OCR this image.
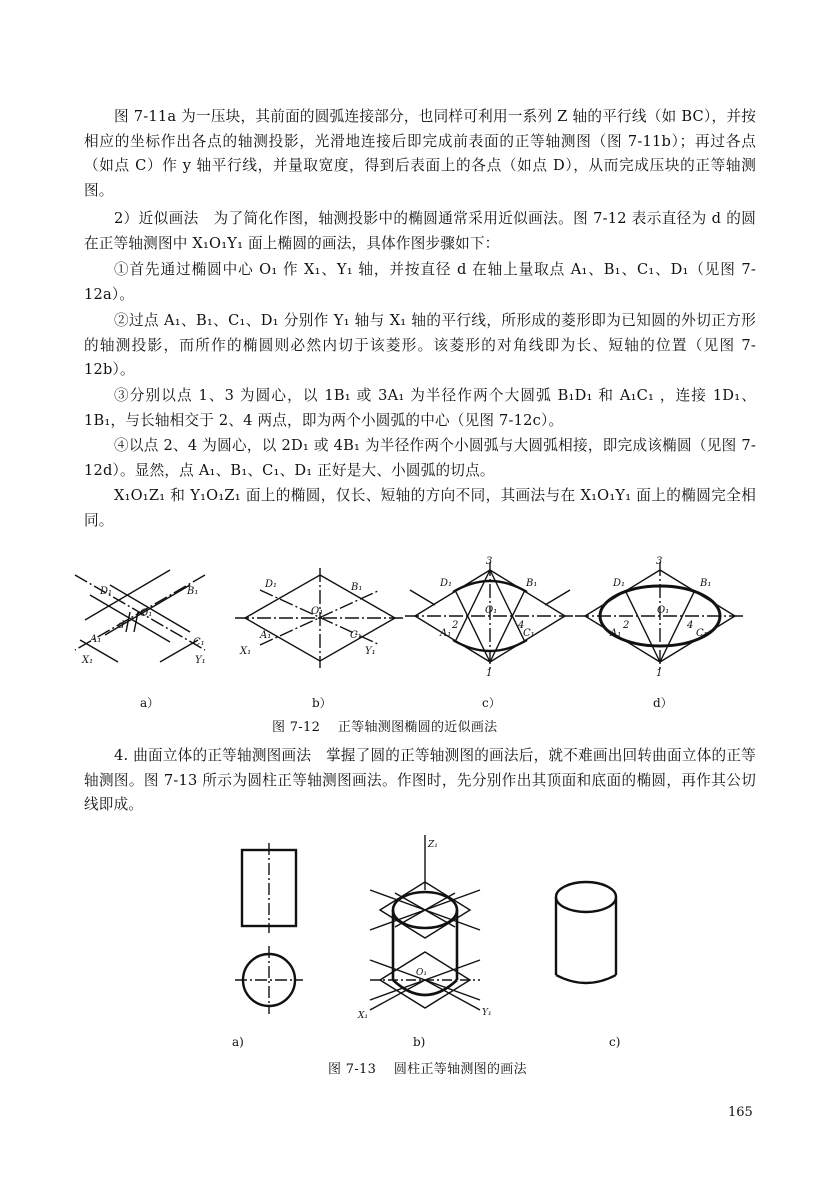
图 7-11a 为一压块，其前面的圆弧连接部分，也同样可利用一系列 Z 轴的平行线（如 BC），并按相应的坐标作出各点的轴测投影，光滑地连接后即完成前表面的正等轴测图（图 7-11b）；再过各点（如点 C）作 y 轴平行线，并量取宽度，得到后表面上的各点（如点 D），从而完成压块的正等轴测图。

2）近似画法　为了简化作图，轴测投影中的椭圆通常采用近似画法。图 7-12 表示直径为 d 的圆在正等轴测图中 X₁O₁Y₁ 面上椭圆的画法，具体作图步骤如下：

①首先通过椭圆中心 O₁ 作 X₁、Y₁ 轴，并按直径 d 在轴上量取点 A₁、B₁、C₁、D₁（见图 7-12a）。

②过点 A₁、B₁、C₁、D₁ 分别作 Y₁ 轴与 X₁ 轴的平行线，所形成的菱形即为已知圆的外切正方形的轴测投影，而所作的椭圆则必然内切于该菱形。该菱形的对角线即为长、短轴的位置（见图 7-12b）。

③分别以点 1、3 为圆心，以 1B₁ 或 3A₁ 为半径作两个大圆弧 B₁D₁ 和 A₁C₁ ，连接 1D₁、1B₁，与长轴相交于 2、4 两点，即为两个小圆弧的中心（见图 7-12c）。

④以点 2、4 为圆心，以 2D₁ 或 4B₁ 为半径作两个小圆弧与大圆弧相接，即完成该椭圆（见图 7-12d）。显然，点 A₁、B₁、C₁、D₁ 正好是大、小圆弧的切点。

X₁O₁Z₁ 和 Y₁O₁Z₁ 面上的椭圆，仅长、短轴的方向不同，其画法与在 X₁O₁Y₁ 面上的椭圆完全相同。

D₁	B₁
O₁
A₁	C₁
X₁	Y₁
d
D₁	B₁
O₁
A₁	C₁
X₁	Y₁
D₁	B₁
O₁
A₁	C₁
3
2	4
1
D₁	B₁
O₁
A₁	C₁
3
2	4
1
a）	b）	c）	d）
图 7-12　 正等轴测图椭圆的近似画法

4. 曲面立体的正等轴测图画法　掌握了圆的正等轴测图的画法后，就不难画出回转曲面立体的正等轴测图。图 7-13 所示为圆柱正等轴测图画法。作图时，先分别作出其顶面和底面的椭圆，再作其公切线即成。

Z₁
O₁
X₁	Y₁
a)	b)	c)
图 7-13　 圆柱正等轴测图的画法
165
